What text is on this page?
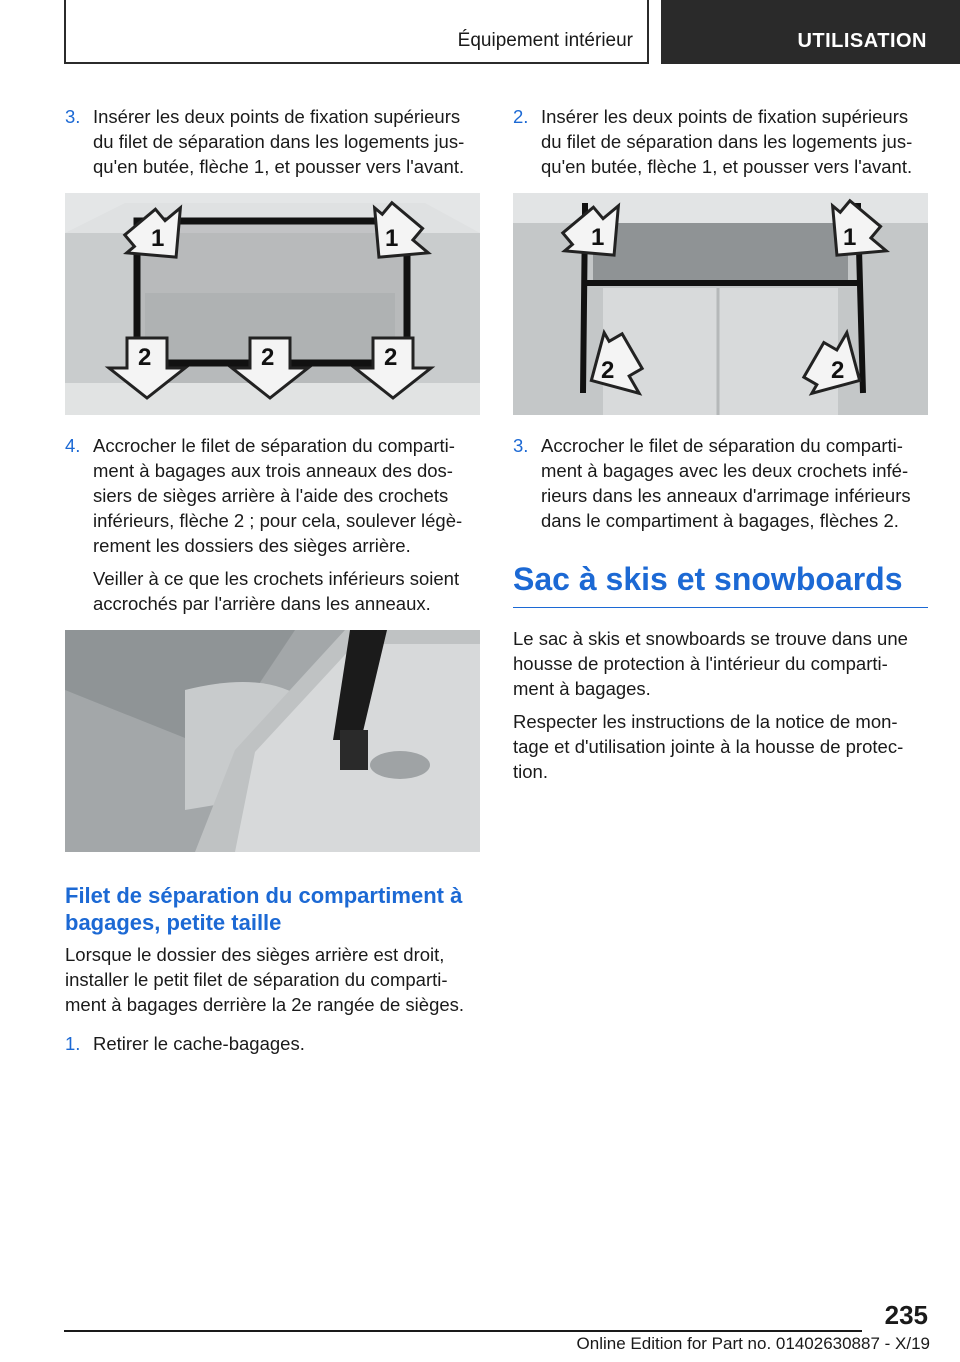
Équipement intérieur	UTILISATION
3. Insérer les deux points de fixation supérieurs du filet de séparation dans les logements jus-qu'en butée, flèche 1, et pousser vers l'avant.
1	1
2	2	2
4. Accrocher le filet de séparation du comparti-ment à bagages aux trois anneaux des dos-siers de sièges arrière à l'aide des crochets inférieurs, flèche 2 ; pour cela, soulever légè-rement les dossiers des sièges arrière.
Veiller à ce que les crochets inférieurs soient accrochés par l'arrière dans les anneaux.
Filet de séparation du compartiment à bagages, petite taille
Lorsque le dossier des sièges arrière est droit, installer le petit filet de séparation du comparti-ment à bagages derrière la 2e rangée de sièges.
1. Retirer le cache-bagages.
2. Insérer les deux points de fixation supérieurs du filet de séparation dans les logements jus-qu'en butée, flèche 1, et pousser vers l'avant.
1	1
2	2
3. Accrocher le filet de séparation du comparti-ment à bagages avec les deux crochets infé-rieurs dans les anneaux d'arrimage inférieurs dans le compartiment à bagages, flèches 2.
Sac à skis et snowboards
Le sac à skis et snowboards se trouve dans une housse de protection à l'intérieur du comparti-ment à bagages.
Respecter les instructions de la notice de mon-tage et d'utilisation jointe à la housse de protec-tion.
235
Online Edition for Part no. 01402630887 - X/19
